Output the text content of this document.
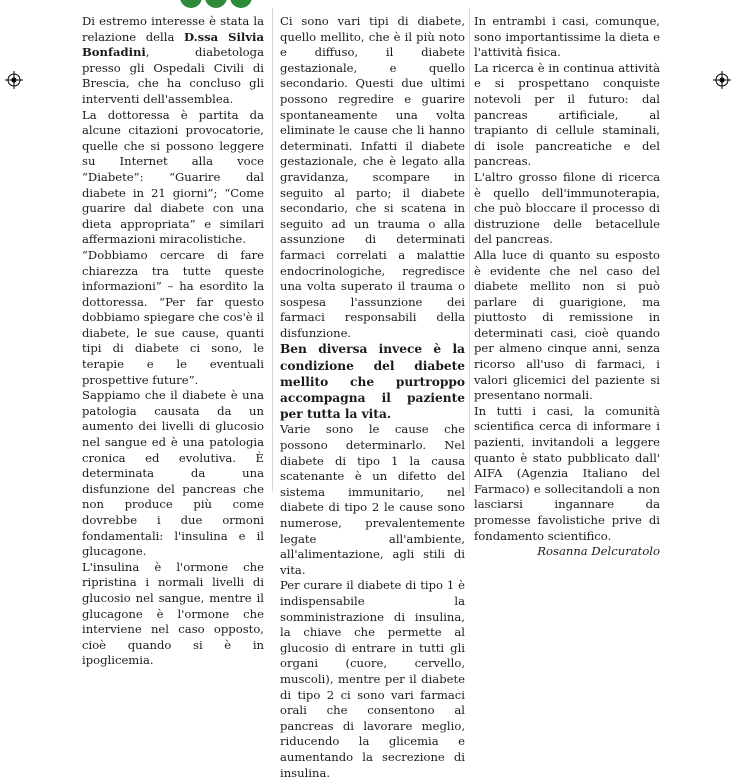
Di estremo interesse è stata la relazione della D.ssa Silvia Bonfadini, diabetologa presso gli Ospedali Civili di Brescia, che ha concluso gli interventi dell'assemblea.

La dottoressa è partita da alcune citazioni provocatorie, quelle che si possono leggere su Internet alla voce “Diabete”: “Guarire dal diabete in 21 giorni”; “Come guarire dal diabete con una dieta appropriata” e similari affermazioni miracolistiche.

“Dobbiamo cercare di fare chiarezza tra tutte queste informazioni” – ha esordito la dottoressa. “Per far questo dobbiamo spiegare che cos'è il diabete, le sue cause, quanti tipi di diabete ci sono, le terapie e le eventuali prospettive future”.

Sappiamo che il diabete è una patologia causata da un aumento dei livelli di glucosio nel sangue ed è una patologia cronica ed evolutiva. È determinata da una disfunzione del pancreas che non produce più come dovrebbe i due ormoni fondamentali: l'insulina e il glucagone.

L'insulina è l'ormone che ripristina i normali livelli di glucosio nel sangue, mentre il glucagone è l'ormone che interviene nel caso opposto, cioè quando si è in ipoglicemia.

Ci sono vari tipi di diabete, quello mellito, che è il più noto e diffuso, il diabete gestazionale, e quello secondario. Questi due ultimi possono regredire e guarire spontaneamente una volta eliminate le cause che li hanno determinati. Infatti il diabete gestazionale, che è legato alla gravidanza, scompare in seguito al parto; il diabete secondario, che si scatena in seguito ad un trauma o alla assunzione di determinati farmaci correlati a malattie endocrinologiche, regredisce una volta superato il trauma o sospesa l'assunzione dei farmaci responsabili della disfunzione.

Ben diversa invece è la condizione del diabete mellito che purtroppo accompagna il paziente per tutta la vita.

Varie sono le cause che possono determinarlo. Nel diabete di tipo 1 la causa scatenante è un difetto del sistema immunitario, nel diabete di tipo 2 le cause sono numerose, prevalentemente legate all'ambiente, all'alimentazione, agli stili di vita.

Per curare il diabete di tipo 1 è indispensabile la somministrazione di insulina, la chiave che permette al glucosio di entrare in tutti gli organi (cuore, cervello, muscoli), mentre per il diabete di tipo 2 ci sono vari farmaci orali che consentono al pancreas di lavorare meglio, riducendo la glicemia e aumentando la secrezione di insulina.

In entrambi i casi, comunque, sono importantissime la dieta e l'attività fisica.

La ricerca è in continua attività e si prospettano conquiste notevoli per il futuro: dal pancreas artificiale, al trapianto di cellule staminali, di isole pancreatiche e del pancreas.

L'altro grosso filone di ricerca è quello dell'immunoterapia, che può bloccare il processo di distruzione delle betacellule del pancreas.

Alla luce di quanto su esposto è evidente che nel caso del diabete mellito non si può parlare di guarigione, ma piuttosto di remissione in determinati casi, cioè quando per almeno cinque anni, senza ricorso all'uso di farmaci, i valori glicemici del paziente si presentano normali.

In tutti i casi, la comunità scientifica cerca di informare i pazienti, invitandoli a leggere quanto è stato pubblicato dall' AIFA (Agenzia Italiano del Farmaco) e sollecitandoli a non lasciarsi ingannare da promesse favolistiche prive di fondamento scientifico.

Rosanna Delcuratolo
